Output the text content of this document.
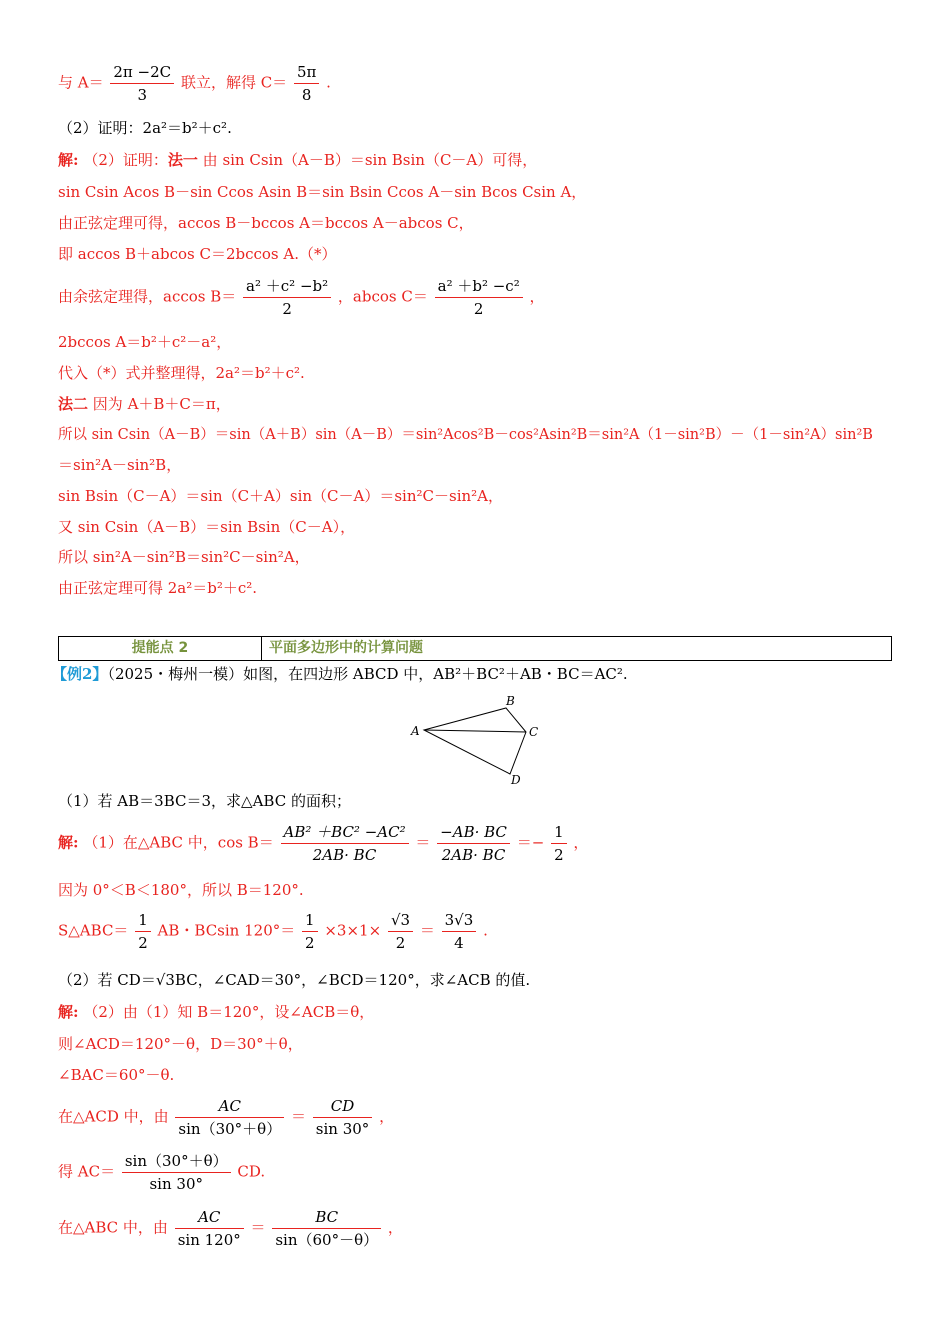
与 $A= \frac{2\pi -2C}{3}$ 联立，解得 $C= \frac{5\pi}{8}$ .
（2）证明：2a²＝b²＋c².
解: （2）证明：法一 由 sin Csin（A－B）＝sin Bsin（C－A）可得，
sin Csin Acos B－sin Ccos Asin B＝sin Bsin Ccos A－sin Bcos Csin A，
由正弦定理可得，accos B－bccos A＝bccos A－abcos C，
即 accos B＋abcos C＝2bccos A.（*）
由余弦定理得，accos $B= \frac{\text{a² ＋c² −b²}}{2}$ ，abcos $C= \frac{\text{a² ＋b² −c²}}{2}$ ，
2bccos A＝b²＋c²－a²，
代入（*）式并整理得，2a²＝b²＋c².
法二 因为 A＋B＋C＝π，
所以 sin Csin（A－B）＝sin（A＋B）sin（A－B）＝sin²Acos²B－cos²Asin²B＝sin²A（1－sin²B）－（1－sin²A）sin²B
＝sin²A－sin²B，
sin Bsin（C－A）＝sin（C＋A）sin（C－A）＝sin²C－sin²A，
又 sin Csin（A－B）＝sin Bsin（C－A），
所以 sin²A－sin²B＝sin²C－sin²A，
由正弦定理可得 2a²＝b²＋c².
提能点 2	平面多边形中的计算问题
【例2】（2025・梅州一模）如图，在四边形 ABCD 中，AB²＋BC²＋AB・BC＝AC².
A
B
C
D
（1）若 AB＝3BC＝3，求△ABC 的面积；
解: （1）在△ABC 中，$\cos B= \frac{\text{AB² ＋BC² −AC²}}{2AB\cdot BC} = \frac{-AB\cdot BC}{2AB\cdot BC} =- \frac{1}{2}$ ，
因为 0°＜B＜180°，所以 B＝120°.
S△ABC＝ $\frac{1}{2}$ AB・BCsin $120^\circ= \frac{1}{2} \times 3\times 1\times \frac{√3}{2} = \frac{3√3}{4}$ .
（2）若 CD＝√3BC，∠CAD＝30°，∠BCD＝120°，求∠ACB 的值.
解: （2）由（1）知 B＝120°，设∠ACB＝θ，
则∠ACD＝120°－θ，D＝30°＋θ，
∠BAC＝60°－θ.
在△ACD 中，由 $\frac{AC}{\sin(30^\circ+\theta)} = \frac{CD}{\sin 30^\circ}$ ，
得 $AC= \frac{\sin(30^\circ+\theta)}{\sin 30^\circ}$ CD.
在△ABC 中，由 $\frac{AC}{\sin 120^\circ} = \frac{BC}{\sin(60^\circ-\theta)}$ ，
